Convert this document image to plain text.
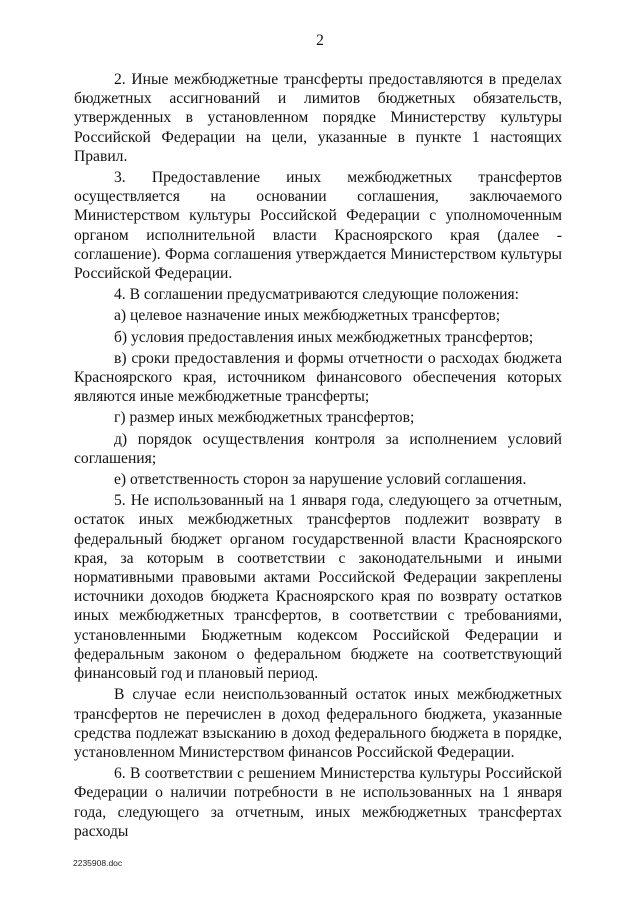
2

2. Иные межбюджетные трансферты предоставляются в пределах бюджетных ассигнований и лимитов бюджетных обязательств, утвержденных в установленном порядке Министерству культуры Российской Федерации на цели, указанные в пункте 1 настоящих Правил.

3. Предоставление иных межбюджетных трансфертов осуществляется на основании соглашения, заключаемого Министерством культуры Российской Федерации с уполномоченным органом исполнительной власти Красноярского края (далее - соглашение). Форма соглашения утверждается Министерством культуры Российской Федерации.

4. В соглашении предусматриваются следующие положения:

а) целевое назначение иных межбюджетных трансфертов;

б) условия предоставления иных межбюджетных трансфертов;

в) сроки предоставления и формы отчетности о расходах бюджета Красноярского края, источником финансового обеспечения которых являются иные межбюджетные трансферты;

г) размер иных межбюджетных трансфертов;

д) порядок осуществления контроля за исполнением условий соглашения;

е) ответственность сторон за нарушение условий соглашения.

5. Не использованный на 1 января года, следующего за отчетным, остаток иных межбюджетных трансфертов подлежит возврату в федеральный бюджет органом государственной власти Красноярского края, за которым в соответствии с законодательными и иными нормативными правовыми актами Российской Федерации закреплены источники доходов бюджета Красноярского края по возврату остатков иных межбюджетных трансфертов, в соответствии с требованиями, установленными Бюджетным кодексом Российской Федерации и федеральным законом о федеральном бюджете на соответствующий финансовый год и плановый период.

В случае если неиспользованный остаток иных межбюджетных трансфертов не перечислен в доход федерального бюджета, указанные средства подлежат взысканию в доход федерального бюджета в порядке, установленном Министерством финансов Российской Федерации.

6. В соответствии с решением Министерства культуры Российской Федерации о наличии потребности в не использованных на 1 января года, следующего за отчетным, иных межбюджетных трансфертах расходы

2235908.doc
